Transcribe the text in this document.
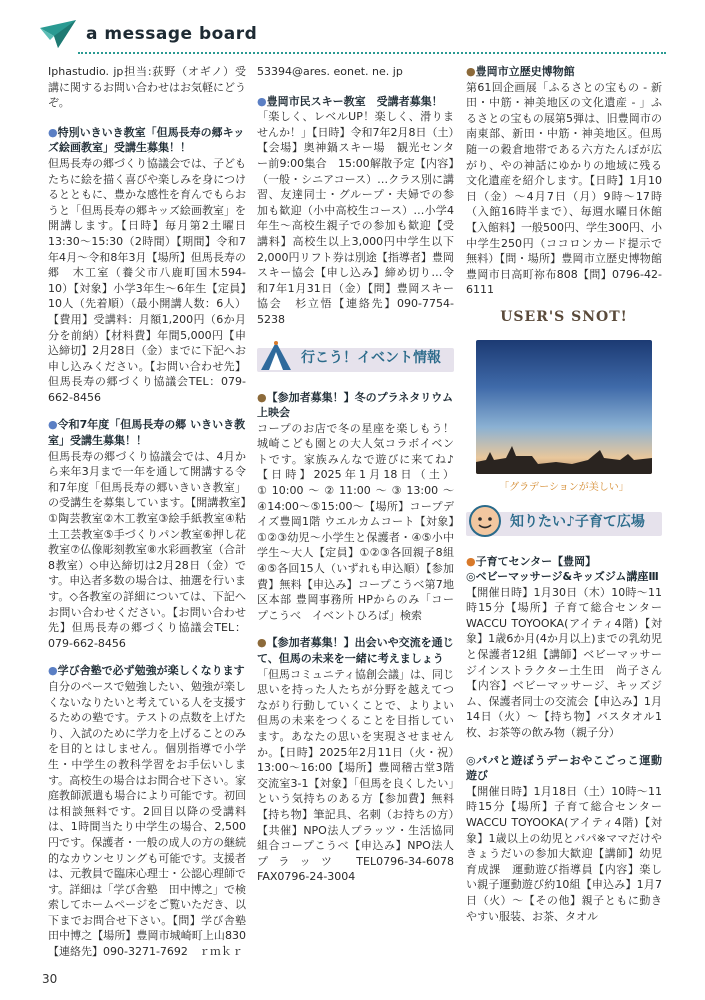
a message board
Iphastudio. jp担当:荻野（オギノ）受講に関するお問い合わせはお気軽にどうぞ。
●特別いきいき教室「但馬長寿の郷キッズ絵画教室」受講生募集！！
但馬長寿の郷づくり協議会では、子どもたちに絵を描く喜びや楽しみを身につけるとともに、豊かな感性を育んでもらおうと「但馬長寿の郷キッズ絵画教室」を開講します。【日時】毎月第2土曜日13:30～15:30（2時間）【期間】令和7年4月～令和8年3月【場所】但馬長寿の郷　木工室（養父市八鹿町国木594-10）【対象】小学3年生～6年生【定員】10人（先着順）（最小開講人数：6人）【費用】受講料：月額1,200円（6か月分を前納）【材料費】年間5,000円【申込締切】2月28日（金）までに下記へお申し込みください。【お問い合わせ先】但馬長寿の郷づくり協議会TEL：079-662-8456
●令和7年度「但馬長寿の郷 いきいき教室」受講生募集！！
但馬長寿の郷づくり協議会では、4月から来年3月まで一年を通して開講する令和7年度「但馬長寿の郷いきいき教室」の受講生を募集しています。【開講教室】①陶芸教室②木工教室③絵手紙教室④粘土工芸教室⑤手づくりパン教室⑥押し花教室⑦仏像彫刻教室⑧水彩画教室（合計8教室）◇申込締切は2月28日（金）です。申込者多数の場合は、抽選を行います。◇各教室の詳細については、下記へお問い合わせください。【お問い合わせ先】但馬長寿の郷づくり協議会TEL：079-662-8456
●学び舎塾で必ず勉強が楽しくなります
自分のペースで勉強したい、勉強が楽しくないなりたいと考えている人を支援するための塾です。テストの点数を上げたり、入試のために学力を上げることのみを目的とはしません。個別指導で小学生・中学生の教科学習をお手伝いします。高校生の場合はお問合せ下さい。家庭教師派遣も場合により可能です。初回は相談無料です。2回目以降の受講料は、1時間当たり中学生の場合、2,500円です。保護者・一般の成人の方の継続的なカウンセリングも可能です。支援者は、元教員で臨床心理士・公認心理師です。詳細は「学び舎塾　田中博之」で検索してホームページをご覧いただき、以下までお問合せ下さい。【問】学び舎塾　田中博之【場所】豊岡市城崎町上山830【連絡先】090-3271-7692　ｒｍｋｒ
53394@ares. eonet. ne. jp
●豊岡市民スキー教室　受講者募集！
「楽しく、レベルUP！楽しく、滑りませんか！」【日時】令和7年2月8日（土）【会場】奥神鍋スキー場　観光センター前9:00集合　15:00解散予定【内容】（一般・シニアコース）…クラス別に講習、友達同士・グループ・夫婦での参加も歓迎（小中高校生コース）…小学4年生～高校生親子での参加も歓迎【受講料】高校生以上3,000円中学生以下2,000円リフト券は別途【指導者】豊岡スキー協会【申し込み】締め切り…令和7年1月31日（金）【問】豊岡スキー協会　杉立悟【連絡先】090-7754-5238
行こう！イベント情報
●【参加者募集！】冬のプラネタリウム上映会
コープのお店で冬の星座を楽しもう！城崎こども園との大人気コラボイベントです。家族みんなで遊びに来てね♪【日時】2025年1月18日（土）①10:00～②11:00～③13:00～④14:00～⑤15:00～【場所】コープデイズ豊岡1階 ウエルカムコート【対象】①②③幼児～小学生と保護者・④⑤小中学生～大人【定員】①②③各回親子8組④⑤各回15人（いずれも申込順）【参加費】無料【申込み】コープこうべ第7地区本部 豊岡事務所 HPからのみ「コープこうべ　イベントひろば」検索
●【参加者募集！】出会いや交流を通じて、但馬の未来を一緒に考えましょう
「但馬コミュニティ協創会議」は、同じ思いを持った人たちが分野を越えてつながり行動していくことで、よりよい但馬の未来をつくることを目指しています。あなたの思いを実現させませんか。【日時】2025年2月11日（火・祝）13:00～16:00【場所】豊岡稽古堂3階 交流室3-1【対象】「但馬を良くしたい」という気持ちのある方【参加費】無料【持ち物】筆記具、名刺（お持ちの方）【共催】NPO法人プラッツ・生活協同組合コープこうべ【申込み】NPO法人プラッツ TEL0796-34-6078 FAX0796-24-3004
●豊岡市立歴史博物館
第61回企画展「ふるさとの宝もの - 新田・中筋・神美地区の文化遺産 - 」ふるさとの宝もの展第5弾は、旧豊岡市の南東部、新田・中筋・神美地区。但馬随一の穀倉地帯である六方たんぼが広がり、やの神話にゆかりの地域に残る文化遺産を紹介します。【日時】1月10日（金）～4月7日（月）9時～17時（入館16時半まで）、毎週水曜日休館【入館料】一般500円、学生300円、小中学生250円（ココロンカード提示で無料）【問・場所】豊岡市立歴史博物館 豊岡市日高町祢布808【問】0796-42-6111
USER'S SNOT!
「グラデーションが美しい」
知りたい♪子育て広場
●子育てセンター【豊岡】
◎ベビーマッサージ&キッズジム講座Ⅲ
【開催日時】1月30日（木）10時～11時15分【場所】子育て総合センターWACCU TOYOOKA(アイティ4階)【対象】1歳6か月(4か月以上)までの乳幼児と保護者12組【講師】ベビーマッサージインストラクター土生田　尚子さん【内容】ベビーマッサージ、キッズジム、保護者同士の交流会【申込み】1月14日（火）～【持ち物】バスタオル1枚、お茶等の飲み物（親子分）
◎パパと遊ぼうデーおやこごっこ運動遊び
【開催日時】1月18日（土）10時～11時15分【場所】子育て総合センターWACCU TOYOOKA(アイティ4階)【対象】1歳以上の幼児とパパ※ママだけやきょうだいの参加大歓迎【講師】幼児育成課　運動遊び指導員【内容】楽しい親子運動遊び約10組【申込み】1月7日（火）～【その他】親子ともに動きやすい服装、お茶、タオル
30
